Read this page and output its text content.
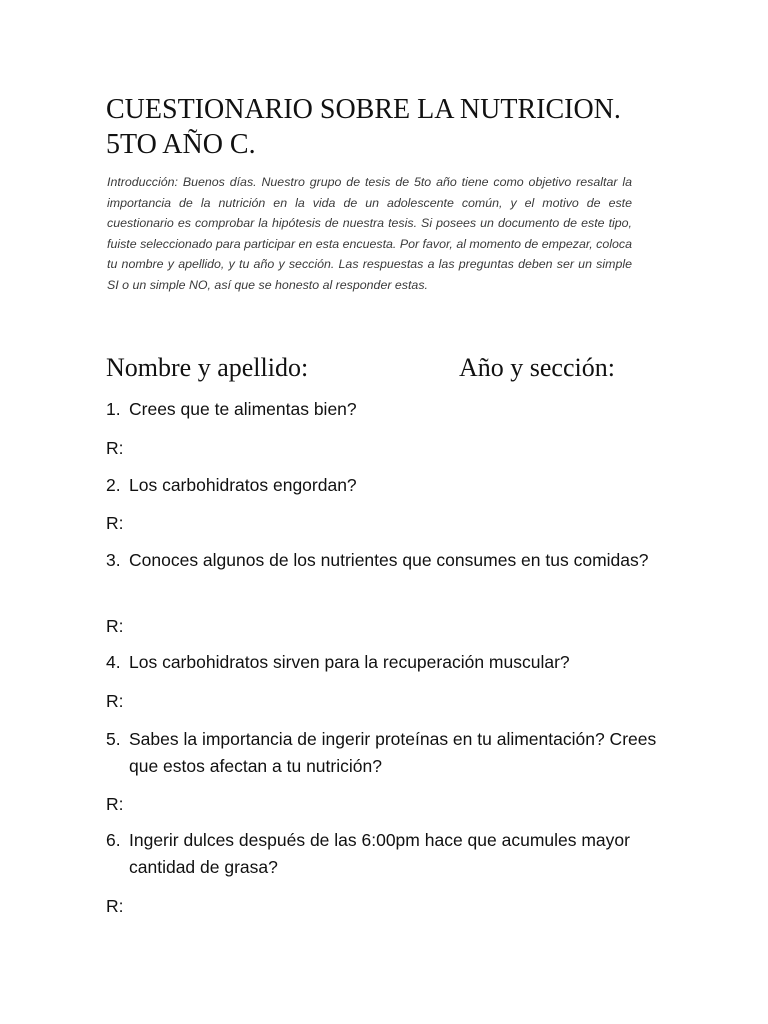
CUESTIONARIO SOBRE LA NUTRICION.
5TO AÑO C.

Introducción: Buenos días. Nuestro grupo de tesis de 5to año tiene como objetivo resaltar la importancia de la nutrición en la vida de un adolescente común, y el motivo de este cuestionario es comprobar la hipótesis de nuestra tesis. Si posees un documento de este tipo, fuiste seleccionado para participar en esta encuesta. Por favor, al momento de empezar, coloca tu nombre y apellido, y tu año y sección. Las respuestas a las preguntas deben ser un simple SI o un simple NO, así que se honesto al responder estas.

Nombre y apellido:	Año y sección:
1. Crees que te alimentas bien?
R:
2. Los carbohidratos engordan?
R:
3. Conoces algunos de los nutrientes que consumes en tus comidas?
R:
4. Los carbohidratos sirven para la recuperación muscular?
R:
5. Sabes la importancia de ingerir proteínas en tu alimentación? Crees que estos afectan a tu nutrición?
R:
6. Ingerir dulces después de las 6:00pm hace que acumules mayor cantidad de grasa?
R:
